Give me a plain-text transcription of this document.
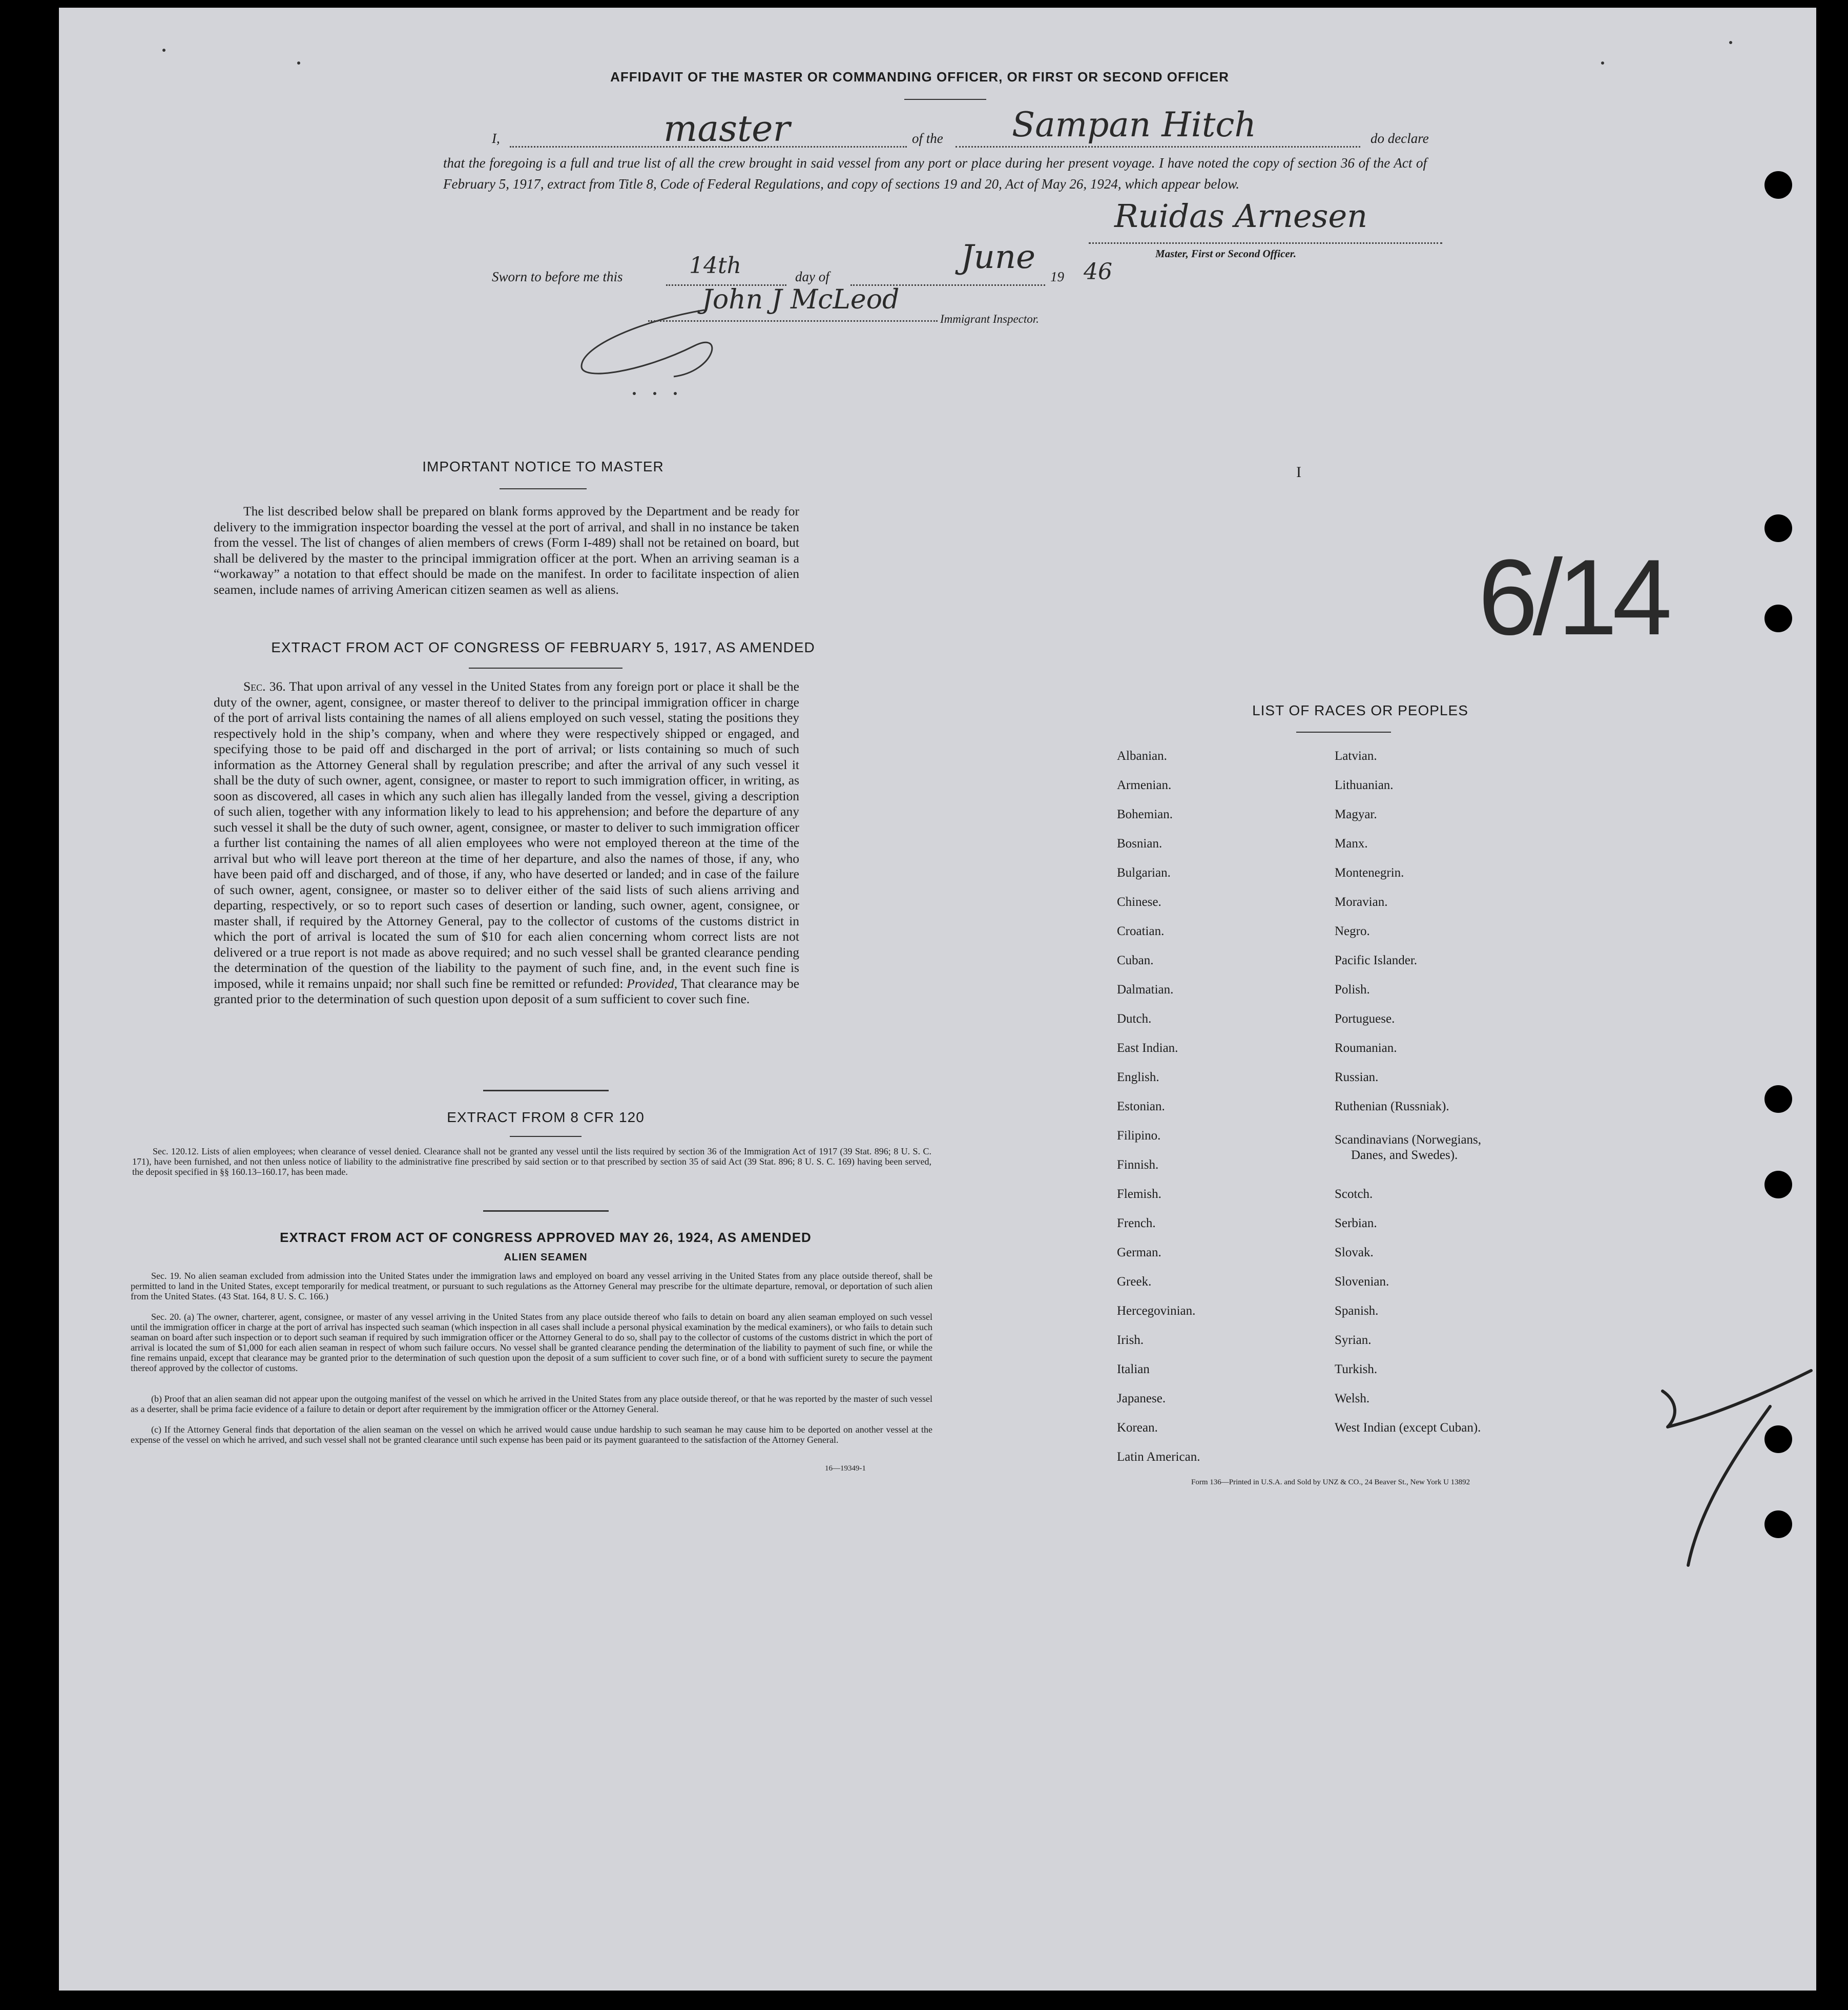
AFFIDAVIT OF THE MASTER OR COMMANDING OFFICER, OR FIRST OR SECOND OFFICER
I,	master	of the Sampan Hitch	do declare
that the foregoing is a full and true list of all the crew brought in said vessel from any port or place during her present voyage. I have noted the copy of section 36 of the Act of February 5, 1917, extract from Title 8, Code of Federal Regulations, and copy of sections 19 and 20, Act of May 26, 1924, which appear below.
Ruidas Arnesen
Master, First or Second Officer.
Sworn to before me this	14th	day of
June
19 46
John J McLeod
Immigrant Inspector.
IMPORTANT NOTICE TO MASTER
The list described below shall be prepared on blank forms approved by the Department and be ready for delivery to the immigration inspector boarding the vessel at the port of arrival, and shall in no instance be taken from the vessel. The list of changes of alien members of crews (Form I-489) shall not be retained on board, but shall be delivered by the master to the principal immigration officer at the port. When an arriving seaman is a “workaway” a notation to that effect should be made on the manifest. In order to facilitate inspection of alien seamen, include names of arriving American citizen seamen as well as aliens.
EXTRACT FROM ACT OF CONGRESS OF FEBRUARY 5, 1917, AS AMENDED
Sec. 36. That upon arrival of any vessel in the United States from any foreign port or place it shall be the duty of the owner, agent, consignee, or master thereof to deliver to the principal immigration officer in charge of the port of arrival lists containing the names of all aliens employed on such vessel, stating the positions they respectively hold in the ship’s company, when and where they were respectively shipped or engaged, and specifying those to be paid off and discharged in the port of arrival; or lists containing so much of such information as the Attorney General shall by regulation prescribe; and after the arrival of any such vessel it shall be the duty of such owner, agent, consignee, or master to report to such immigration officer, in writing, as soon as discovered, all cases in which any such alien has illegally landed from the vessel, giving a description of such alien, together with any information likely to lead to his apprehension; and before the departure of any such vessel it shall be the duty of such owner, agent, consignee, or master to deliver to such immigration officer a further list containing the names of all alien employees who were not employed thereon at the time of the arrival but who will leave port thereon at the time of her departure, and also the names of those, if any, who have been paid off and discharged, and of those, if any, who have deserted or landed; and in case of the failure of such owner, agent, consignee, or master so to deliver either of the said lists of such aliens arriving and departing, respectively, or so to report such cases of desertion or landing, such owner, agent, consignee, or master shall, if required by the Attorney General, pay to the collector of customs of the customs district in which the port of arrival is located the sum of $10 for each alien concerning whom correct lists are not delivered or a true report is not made as above required; and no such vessel shall be granted clearance pending the determination of the question of the liability to the payment of such fine, and, in the event such fine is imposed, while it remains unpaid; nor shall such fine be remitted or refunded: Provided, That clearance may be granted prior to the determination of such question upon deposit of a sum sufficient to cover such fine.
EXTRACT FROM 8 CFR 120
Sec. 120.12. Lists of alien employees; when clearance of vessel denied. Clearance shall not be granted any vessel until the lists required by section 36 of the Immigration Act of 1917 (39 Stat. 896; 8 U. S. C. 171), have been furnished, and not then unless notice of liability to the administrative fine prescribed by said section or to that prescribed by section 35 of said Act (39 Stat. 896; 8 U. S. C. 169) having been served, the deposit specified in §§ 160.13–160.17, has been made.
EXTRACT FROM ACT OF CONGRESS APPROVED MAY 26, 1924, AS AMENDED
ALIEN SEAMEN
Sec. 19. No alien seaman excluded from admission into the United States under the immigration laws and employed on board any vessel arriving in the United States from any place outside thereof, shall be permitted to land in the United States, except temporarily for medical treatment, or pursuant to such regulations as the Attorney General may prescribe for the ultimate departure, removal, or deportation of such alien from the United States. (43 Stat. 164, 8 U. S. C. 166.)
Sec. 20. (a) The owner, charterer, agent, consignee, or master of any vessel arriving in the United States from any place outside thereof who fails to detain on board any alien seaman employed on such vessel until the immigration officer in charge at the port of arrival has inspected such seaman (which inspection in all cases shall include a personal physical examination by the medical examiners), or who fails to detain such seaman on board after such inspection or to deport such seaman if required by such immigration officer or the Attorney General to do so, shall pay to the collector of customs of the customs district in which the port of arrival is located the sum of $1,000 for each alien seaman in respect of whom such failure occurs. No vessel shall be granted clearance pending the determination of the liability to payment of such fine, or while the fine remains unpaid, except that clearance may be granted prior to the determination of such question upon the deposit of a sum sufficient to cover such fine, or of a bond with sufficient surety to secure the payment thereof approved by the collector of customs.
(b) Proof that an alien seaman did not appear upon the outgoing manifest of the vessel on which he arrived in the United States from any place outside thereof, or that he was reported by the master of such vessel as a deserter, shall be prima facie evidence of a failure to detain or deport after requirement by the immigration officer or the Attorney General.
(c) If the Attorney General finds that deportation of the alien seaman on the vessel on which he arrived would cause undue hardship to such seaman he may cause him to be deported on another vessel at the expense of the vessel on which he arrived, and such vessel shall not be granted clearance until such expense has been paid or its payment guaranteed to the satisfaction of the Attorney General.
16—19349-1
I
6/14
LIST OF RACES OR PEOPLES
Albanian.
Armenian.
Bohemian.
Bosnian.
Bulgarian.
Chinese.
Croatian.
Cuban.
Dalmatian.
Dutch.
East Indian.
English.
Estonian.
Filipino.
Finnish.
Flemish.
French.
German.
Greek.
Hercegovinian.
Irish.
Italian
Japanese.
Korean.
Latin American.
Latvian.
Lithuanian.
Magyar.
Manx.
Montenegrin.
Moravian.
Negro.
Pacific Islander.
Polish.
Portuguese.
Roumanian.
Russian.
Ruthenian (Russniak).
Scandinavians (Norwegians,
Danes, and Swedes).
Scotch.
Serbian.
Slovak.
Slovenian.
Spanish.
Syrian.
Turkish.
Welsh.
West Indian (except Cuban).
Form 136—Printed in U.S.A. and Sold by UNZ & CO., 24 Beaver St., New York U 13892
